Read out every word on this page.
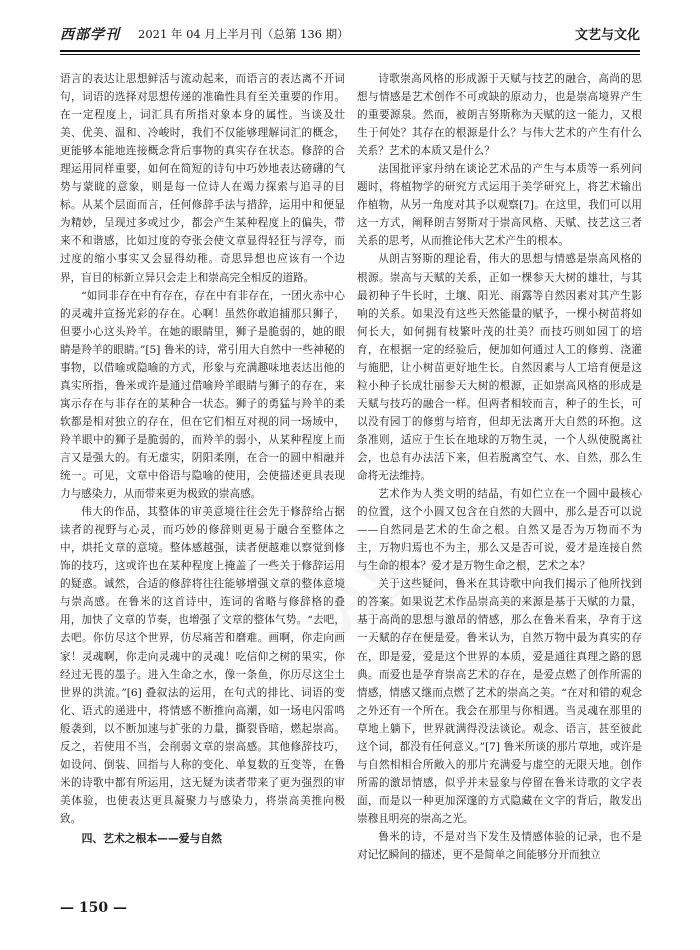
西部学刊 2021 年 04 月上半月刊（总第 136 期）	文艺与文化

语言的表达让思想鲜活与流动起来，而语言的表达离不开词句，词语的选择对思想传递的准确性具有至关重要的作用。在一定程度上，词汇具有所指对象本身的属性。当谈及壮美、优美、温和、冷峻时，我们不仅能够理解词汇的概念，更能够本能地连接概念背后事物的真实存在状态。修辞的合理运用同样重要，如何在简短的诗句中巧妙地表达磅礴的气势与蒙眬的意象，则是每一位诗人在竭力探索与追寻的目标。从某个层面而言，任何修辞手法与措辞，运用中和便显为精妙，呈现过多或过少，都会产生某种程度上的偏失，带来不和谐感，比如过度的夸张会使文章显得轻狂与浮夸，而过度的缩小事实又会显得幼稚。奇思异想也应该有一个边界，盲目的标新立异只会走上和崇高完全相反的道路。

“如同非存在中有存在，存在中有非存在，一团火赤中心的灵魂并宣扬光彩的存在。心啊！虽然你敢追捕那只狮子，但要小心这头羚羊。在她的眼睛里，狮子是脆弱的，她的眼睛是羚羊的眼睛。”[5] 鲁米的诗，常引用大自然中一些神秘的事物，以借喻或隐喻的方式，形象与充满趣味地表达出他的真实所指，鲁米或许是通过借喻羚羊眼睛与狮子的存在，来寓示存在与非存在的某种合一状态。狮子的勇猛与羚羊的柔软都是相对独立的存在，但在它们相互对视的同一场域中，羚羊眼中的狮子是脆弱的，而羚羊的弱小，从某种程度上而言又是强大的。有无虚实，阴阳柔刚，在合一的圆中相融并统一。可见，文章中俗语与隐喻的使用，会使描述更具表现力与感染力，从而带来更为极致的崇高感。

伟大的作品，其整体的审美意境往往会先于修辞给占据读者的视野与心灵，而巧妙的修辞则更易于融合至整体之中，烘托文章的意境。整体感越强，读者便越难以察觉到修饰的技巧，这或许也在某种程度上掩盖了一些关于修辞运用的疑惑。诚然，合适的修辞将往往能够增强文章的整体意境与崇高感。在鲁米的这首诗中，连词的省略与修辞格的叠用，加快了文章的节奏，也增强了文章的整体气势。“去吧，去吧。你仿尽这个世界，仿尽痛苦和磨难。画啊，你走向画家！灵魂啊，你走向灵魂中的灵魂！吃信仰之树的果实，你经过无畏的墨子。进入生命之水，像一条鱼，你历尽这尘土世界的洪流。”[6] 叠叙法的运用，在句式的排比、词语的变化、语式的递进中，将情感不断推向高潮，如一场电闪雷鸣般袭到，以不断加速与扩张的力量，撕裂昏暗，燃起崇高。反之，若使用不当，会削弱文章的崇高感。其他修辞技巧，如设问、倒装、回指与人称的变化、单复数的互变等，在鲁米的诗歌中都有所运用，这无疑为读者带来了更为强烈的审美体验，也使表达更具凝聚力与感染力，将崇高美推向极致。

四、艺术之根本——爱与自然

诗歌崇高风格的形成源于天赋与技艺的融合，高尚的思想与情感是艺术创作不可或缺的原动力，也是崇高境界产生的重要源泉。然而，被朗吉努斯称为天赋的这一能力，又根生于何处？其存在的根源是什么？与伟大艺术的产生有什么关系？艺术的本质又是什么？

法国批评家丹纳在谈论艺术品的产生与本质等一系列问题时，将植物学的研究方式运用于美学研究上，将艺术输出作植物，从另一角度对其予以观察[7]。在这里，我们可以用这一方式，阐释朗吉努斯对于崇高风格、天赋、技艺这三者关系的思考，从而推论伟大艺术产生的根本。

从朗吉努斯的理论看，伟大的思想与情感是崇高风格的根源。崇高与天赋的关系，正如一棵参天大树的雄壮，与其最初种子牛长时，土壤、阳光、雨露等自然因素对其产生影响的关系。如果没有这些天然能量的赋予，一棵小树苗将如何长大，如何拥有枝繁叶茂的壮美？而技巧则如园丁的培育，在根据一定的经验后，便加如何通过人工的修剪、浇灌与施肥，让小树苗更好地生长。自然因素与人工培育便是这粒小种子长成壮丽参天大树的根源，正如崇高风格的形成是天赋与技巧的融合一样。但两者相较而言，种子的生长，可以没有园丁的修剪与培育，但却无法离开大自然的环抱。这条准则，适应于生长在地球的万物生灵，一个人纵使脱离社会，也总有办法活下来，但若脱离空气、水、自然，那么生命将无法维持。

艺术作为人类文明的结晶，有如伫立在一个圆中最核心的位置，这个小圆又包含在自然的大圆中，那么是否可以说——自然同是艺术的生命之根。自然又是否为万物而不为主，万物归焉也不为主，那么又是否可说，爱才是连接自然与生命的根本？爱才是万物生命之根，艺术之本？

关于这些疑问，鲁米在其诗歌中向我们揭示了他所找到的答案。如果说艺术作品崇高美的来源是基于天赋的力量，基于高尚的思想与激昂的情感，那么在鲁米看来，孕育于这一天赋的存在便是爱。鲁米认为，自然万物中最为真实的存在，即是爱，爱是这个世界的本质，爱是通往真理之路的恩典。而爱也是孕育崇高艺术的存在，是爱点燃了创作所需的情感，情感又继而点燃了艺术的崇高之美。“在对和错的观念之外还有一个所在。我会在那里与你相遇。当灵魂在那里的草地上躺下，世界就满得没法谈论。观念、语言，甚至彼此这个词，都没有任何意义。”[7] 鲁米所谈的那片草地，或许是与自然相相合所敞入的那片充满爱与虚空的无限天地。创作所需的激昂情感，似乎并未显象与停留在鲁米诗歌的文字表面，而是以一种更加深邃的方式隐藏在文字的背后，散发出崇穆且明亮的崇高之光。

鲁米的诗，不是对当下发生及情感体验的记录，也不是对记忆瞬间的描述，更不是简单之间能够分开而独立

— 150 —
